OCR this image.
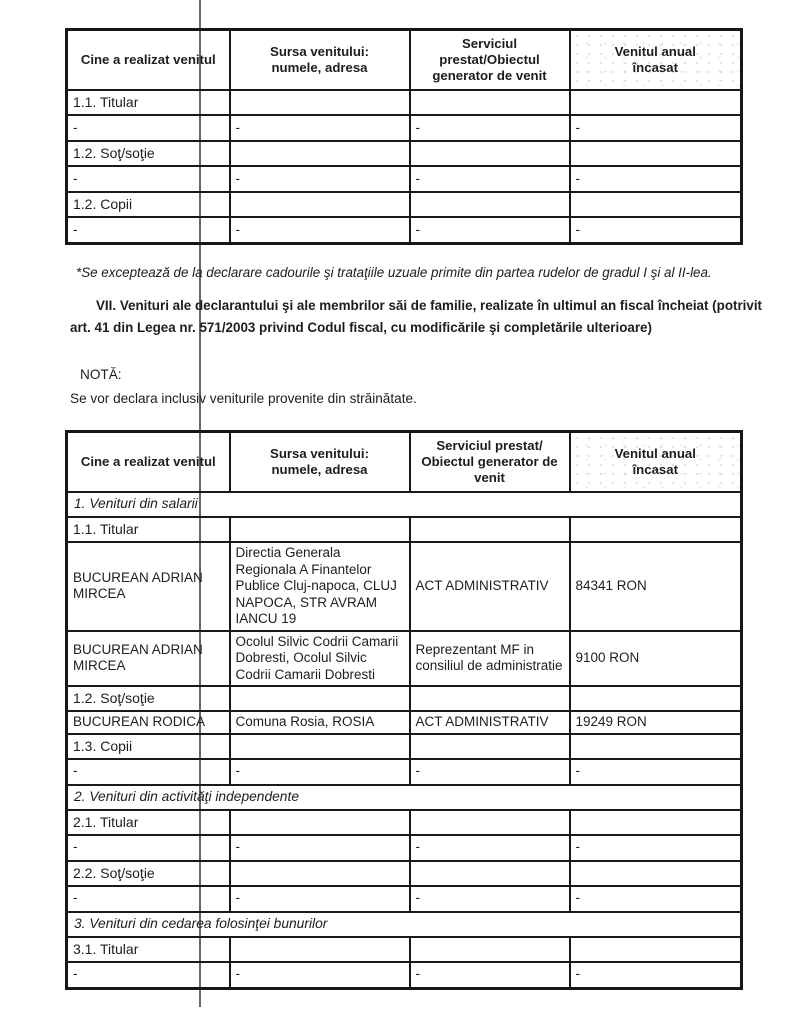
Cine a realizat venitul	Sursa venitului: numele, adresa	Serviciul prestat/Obiectul generator de venit	Venitul anual încasat
1.1. Titular			
-	-	-	-
1.2. Soţ/soţie			
-	-	-	-
1.2. Copii			
-	-	-	-
*Se exceptează de la declarare cadourile şi trataţiile uzuale primite din partea rudelor de gradul I şi al II-lea.
VII. Venituri ale declarantului şi ale membrilor săi de familie, realizate în ultimul an fiscal încheiat (potrivit art. 41 din Legea nr. 571/2003 privind Codul fiscal, cu modificările şi completările ulterioare)
NOTĂ:
Se vor declara inclusiv veniturile provenite din străinătate.
Cine a realizat venitul	Sursa venitului: numele, adresa	Serviciul prestat/ Obiectul generator de venit	Venitul anual încasat
1. Venituri din salarii			
1.1. Titular			
BUCUREAN ADRIAN MIRCEA	Directia Generala Regionala A Finantelor Publice Cluj-napoca, CLUJ NAPOCA, STR AVRAM IANCU 19	ACT ADMINISTRATIV	84341 RON
BUCUREAN ADRIAN MIRCEA	Ocolul Silvic Codrii Camarii Dobresti, Ocolul Silvic Codrii Camarii Dobresti	Reprezentant MF in consiliul de administratie	9100 RON
1.2. Soţ/soţie			
BUCUREAN RODICA	Comuna Rosia, ROSIA	ACT ADMINISTRATIV	19249 RON
1.3. Copii			
-	-	-	-
2. Venituri din activităţi independente			
2.1. Titular			
-	-	-	-
2.2. Soţ/soţie			
-	-	-	-
3. Venituri din cedarea folosinţei bunurilor			
3.1. Titular			
-	-	-	-
